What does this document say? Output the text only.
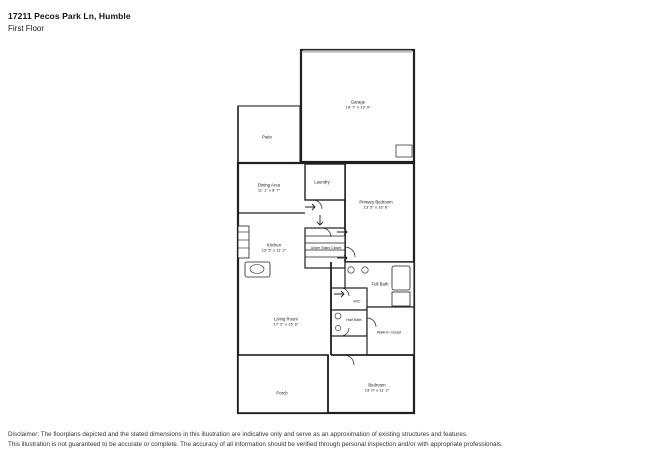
17211 Pecos Park Ln, Humble
First Floor
Garage
19' 7" x 19' 9"
Patio
Dining Area
11' 1" x 8' 7"
Laundry
Primary Bedroom
13' 5" x 16' 6"
Kitchen
13' 5" x 11' 2"
Under Stairs Closet
Full Bath
WIC
Half Bath
Living Room
17' 2" x 15' 6"
Walk-In Closet
Bedroom
13' 0" x 11' 2"
Porch
Disclaimer: The floorplans depicted and the stated dimensions in this illustration are indicative only and serve as an approximation of existing structures and features.
This illustration is not guaranteed to be accurate or complete. The accuracy of all information should be verified through personal inspection and/or with appropriate professionals.
